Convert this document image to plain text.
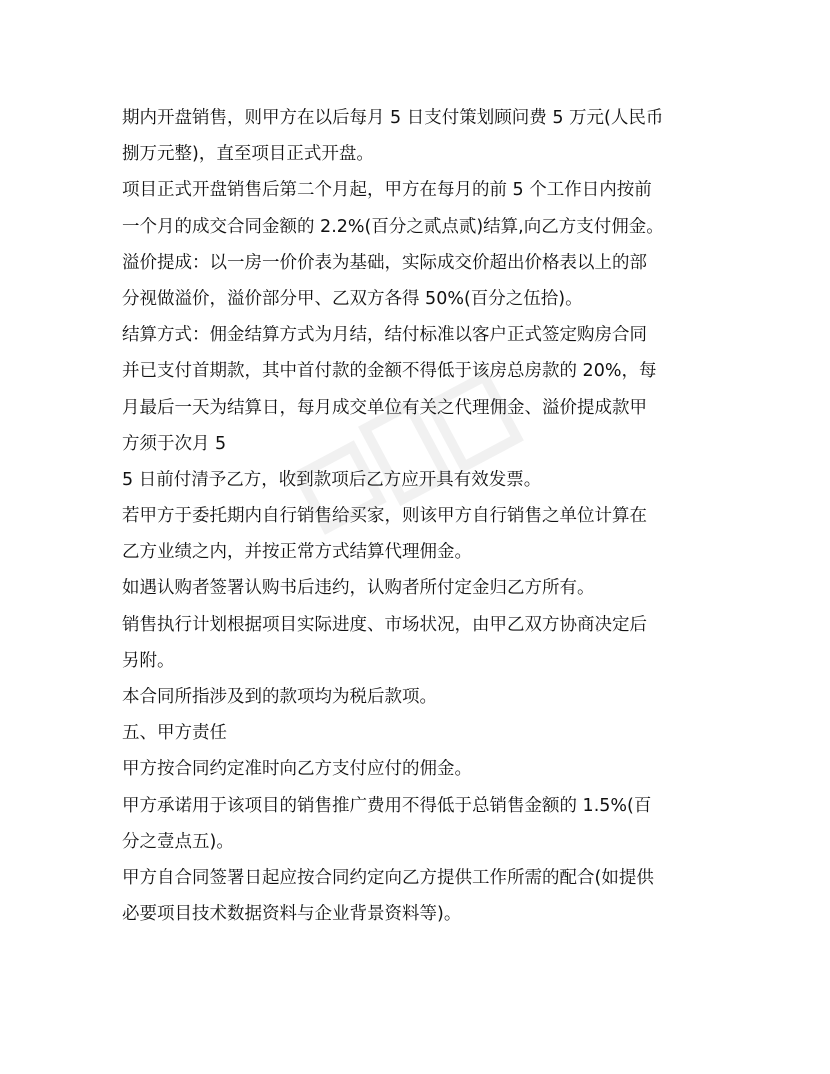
期内开盘销售，则甲方在以后每月 5 日支付策划顾问费 5 万元(人民币

捌万元整)，直至项目正式开盘。

项目正式开盘销售后第二个月起，甲方在每月的前 5 个工作日内按前

一个月的成交合同金额的 2.2%(百分之贰点贰)结算,向乙方支付佣金。

溢价提成：以一房一价价表为基础，实际成交价超出价格表以上的部

分视做溢价，溢价部分甲、乙双方各得 50%(百分之伍拾)。

结算方式：佣金结算方式为月结，结付标准以客户正式签定购房合同

并已支付首期款，其中首付款的金额不得低于该房总房款的 20%，每

月最后一天为结算日，每月成交单位有关之代理佣金、溢价提成款甲

方须于次月 5

5 日前付清予乙方，收到款项后乙方应开具有效发票。

若甲方于委托期内自行销售给买家，则该甲方自行销售之单位计算在

乙方业绩之内，并按正常方式结算代理佣金。

如遇认购者签署认购书后违约，认购者所付定金归乙方所有。

销售执行计划根据项目实际进度、市场状况，由甲乙双方协商决定后

另附。

本合同所指涉及到的款项均为税后款项。

五、甲方责任

甲方按合同约定准时向乙方支付应付的佣金。

甲方承诺用于该项目的销售推广费用不得低于总销售金额的 1.5%(百

分之壹点五)。

甲方自合同签署日起应按合同约定向乙方提供工作所需的配合(如提供

必要项目技术数据资料与企业背景资料等)。
